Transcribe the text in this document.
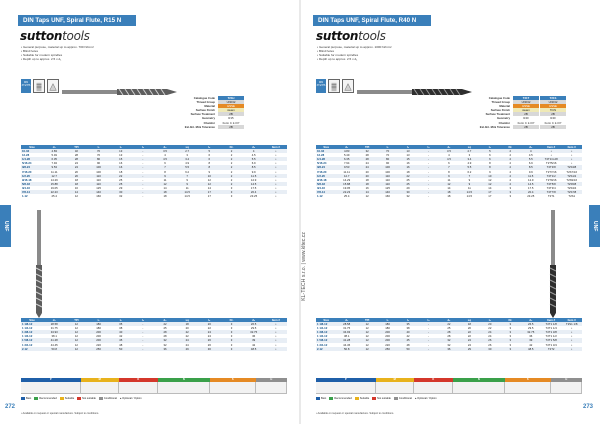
DIN Taps UNF, Spiral Flute, R15 N
suttontools
• General purpose, material up to approx. 700 N/mm²
• Blind holes
• Suitable for modern spindles
• Depth up to approx. 2.5 x d₁
DIN 371/376
Catalogue Code	T21H
Thread Group	UNF32
Material	HSSE
Surface Finish	steam
Surface Treatment	2B
Geometry	R15
Chamfer	Form C 2-3 P
Ext./Int. Mini Tolerance	2B
Size	d₁	TPI	l₁	l₂	l₃	d₂	sq	l₄	Dr.	d₃	Item #
10-32	4.83	32	70	13	-	3.5	2.7	5	2	4	•
12-28	5.49	28	70	13	-	4	3	6	2	4.5	•
1/4-28	6.35	28	80	15	-	4.5	3.4	6	2	5.5	•
5/16-24	7.94	24	90	16	-	6	4.9	8	2	6.9	•
3/8-24	9.53	24	100	16	-	7	5.5	8	2	8.5	•
7/16-20	11.11	20	100	18	-	8	6.2	9	2	9.9	•
1/2-20	12.7	20	110	22	-	9	7	10	2	11.5	•
9/16-18	14.29	18	110	25	-	11	9	12	2	12.9	•
5/8-18	15.88	18	110	25	-	12	9	12	2	14.5	•
3/4-16	19.05	16	125	29	-	14	11	14	3	17.5	•
7/8-14	22.23	14	140	30	-	18	14.5	17	3	20.4	•
1-12	25.4	12	160	32	-	18	14.5	17	3	23.25	•
Size	d₁	TPI	l₁	l₂	l₃	d₂	sq	l₄	Dr.	d₃	Item #
1 1/8-12	28.58	12	180	35	-	22	18	20	3	26.5	•
1 1/4-12	31.75	12	180	38	-	25	20	22	3	29.5	•
1 3/8-12	34.93	12	200	40	-	28	22	24	3	32.75	•
1 1/2-12	38.1	12	200	42	-	28	22	24	3	36	•
1 5/8-12	41.28	12	200	45	-	32	24	26	3	39	•
1 3/4-12	44.45	12	220	48	-	32	24	26	3	42	•
2-12	50.8	12	250	50	-	36	29	30	3	48.5	•
P	M	K	N	S	H
Best	Recommended	Suitable	Not suitable	Conditional ● Optional / Option
• Available on request or special manufacture. Subject to conditions.
272
UNF
DIN Taps UNF, Spiral Flute, R40 N
suttontools
• General purpose, material up to approx. 1000 N/mm²
• Blind holes
• Suitable for modern spindles
• Depth up to approx. 2.5 x d₁
DIN 371/376
Catalogue Code	T21T	T21S
Thread Group	UNF32	UNF32
Material	HSSE	HSSE
Surface Finish	steam	TiCN
Surface Treatment	2B	2B
Geometry	R40	R40
Chamfer	Form C 2-3 P	Form C 2-3 P
Ext./Int. Mini Tolerance	2B	2B
Size	d₁	TPI	l₁	l₂	l₃	d₂	sq	l₄	Dr.	d₃	Item #	Item #
10-32	4.83	32	70	13	-	3.5	2.7	5	2	4	•	•
12-28	5.49	28	70	13	-	4	3	6	2	4.5	•	•
1/4-28	6.35	28	80	15	-	4.5	3.4	6	2	5.5	T2T1/4-28	•
5/16-24	7.94	24	90	16	-	6	4.9	8	2	6.9	T2T5/16	•
3/8-24	9.53	24	100	16	-	7	5.5	8	2	8.5	T2T3/8	T2S3/8
7/16-20	11.11	20	100	18	-	8	6.2	9	2	9.9	T2T7/16	T2S7/16
1/2-20	12.7	20	110	22	-	9	7	10	2	11.5	T2T1/2	T2S1/2
9/16-18	14.29	18	110	25	-	11	9	12	2	12.9	T2T9/16	T2S9/16
5/8-18	15.88	18	110	25	-	12	9	12	2	14.5	T2T5/8	T2S5/8
3/4-16	19.05	16	125	29	-	14	11	14	3	17.5	T2T3/4	T2S3/4
7/8-14	22.23	14	140	30	-	18	14.5	17	3	20.4	T2T7/8	T2S7/8
1-12	25.4	12	160	32	-	18	14.5	17	3	23.25	T2T1	T2S1
Size	d₁	TPI	l₁	l₂	l₃	d₂	sq	l₄	Dr.	d₃	Item #	Item #
1 1/8-12	28.58	12	180	35	-	22	18	20	3	26.5	T2T1 1/8	T2S1 1/8
1 1/4-12	31.75	12	180	38	-	25	20	22	3	29.5	T2T1 1/4	•
1 3/8-12	34.93	12	200	40	-	28	22	24	3	32.75	T2T1 3/8	•
1 1/2-12	38.1	12	200	42	-	28	22	24	3	36	T2T1 1/2	•
1 5/8-12	41.28	12	200	45	-	32	24	26	3	39	T2T1 5/8	•
1 3/4-12	44.45	12	220	48	-	32	24	26	3	42	T2T1 3/4	•
2-12	50.8	12	250	50	-	36	29	30	3	48.5	T2T2	•
P	M	K	N	S	H
Best	Recommended	Suitable	Not suitable	Conditional ● Optional / Option
• Available on request or special manufacture. Subject to conditions.
273
UNF
KL-TECH s.r.o. | www.kltec.cz
